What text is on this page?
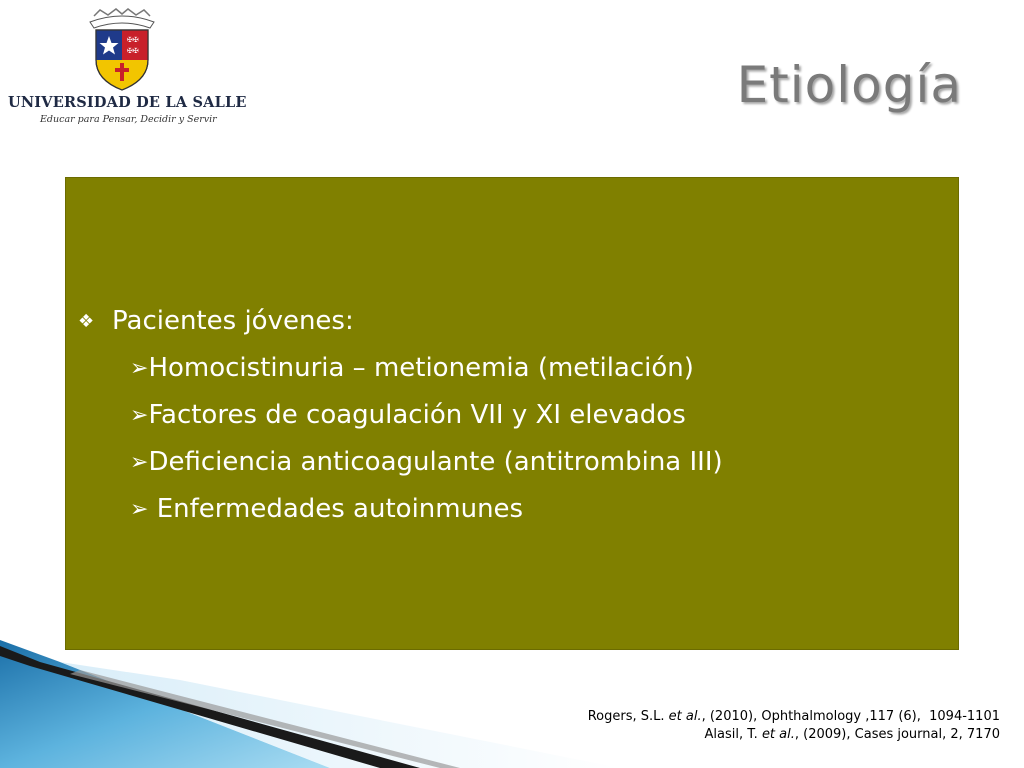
✠✠
✠✠
UNIVERSIDAD DE LA SALLE
Educar para Pensar, Decidir y Servir
Etiología
❖ Pacientes jóvenes:
➢Homocistinuria – metionemia (metilación)
➢Factores de coagulación VII y XI elevados
➢Deficiencia anticoagulante (antitrombina III)
➢ Enfermedades autoinmunes
Rogers, S.L. et al., (2010), Ophthalmology ,117 (6),  1094-1101
Alasil, T. et al., (2009), Cases journal, 2, 7170
